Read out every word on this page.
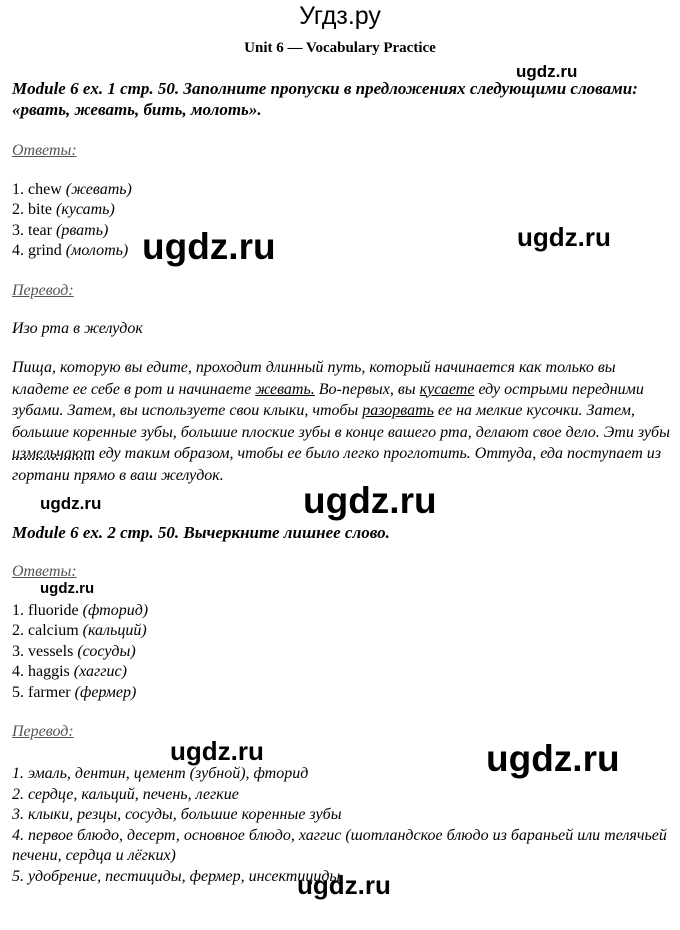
Угдз.ру
Unit 6 — Vocabulary Practice
ugdz.ru
ugdz.ru	ugdz.ru
ugdz.ru	ugdz.ru
ugdz.ru
ugdz.ru	ugdz.ru
ugdz.ru
Module 6 ex. 1 стр. 50. Заполните пропуски в предложениях следующими словами: «рвать, жевать, бить, молоть».
Ответы:
1. chew (жевать)
2. bite (кусать)
3. tear (рвать)
4. grind (молоть)
Перевод:
Изо рта в желудок

Пища, которую вы едите, проходит длинный путь, который начинается как только вы кладете ее себе в рот и начинаете жевать. Во-первых, вы кусаете еду острыми передними зубами. Затем, вы используете свои клыки, чтобы разорвать ее на мелкие кусочки. Затем, большие коренные зубы, большие плоские зубы в конце вашего рта, делают свое дело. Эти зубы измельчают еду таким образом, чтобы ее было легко проглотить. Оттуда, еда поступает из гортани прямо в ваш желудок.

Module 6 ex. 2 стр. 50. Вычеркните лишнее слово.
Ответы:
1. fluoride (фторид)
2. calcium (кальций)
3. vessels (сосуды)
4. haggis (хаггис)
5. farmer (фермер)
Перевод:
1. эмаль, дентин, цемент (зубной), фторид
2. сердце, кальций, печень, легкие
3. клыки, резцы, сосуды, большие коренные зубы
4. первое блюдо, десерт, основное блюдо, хаггис (шотландское блюдо из бараньей или телячьей печени, сердца и лёгких)
5. удобрение, пестициды, фермер, инсектициды
